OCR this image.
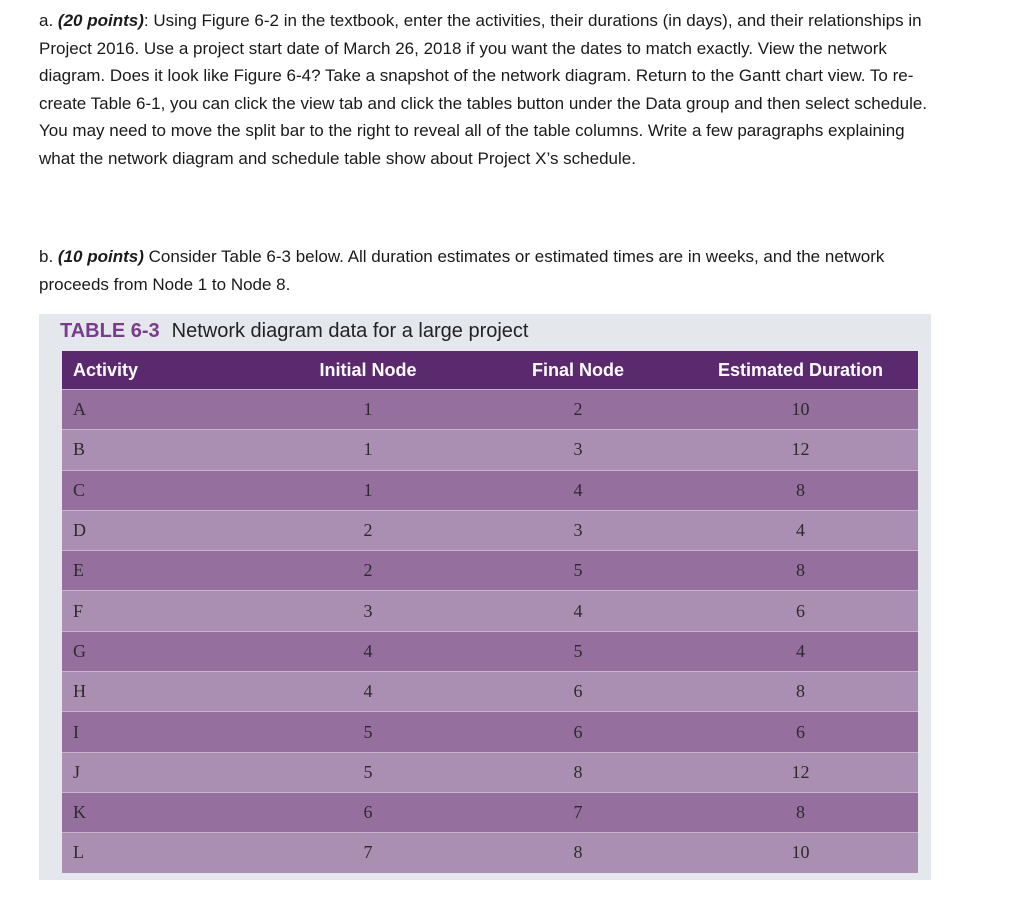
a. (20 points): Using Figure 6-2 in the textbook, enter the activities, their durations (in days), and their relationships in Project 2016. Use a project start date of March 26, 2018 if you want the dates to match exactly. View the network diagram. Does it look like Figure 6-4? Take a snapshot of the network diagram. Return to the Gantt chart view. To re-create Table 6-1, you can click the view tab and click the tables button under the Data group and then select schedule. You may need to move the split bar to the right to reveal all of the table columns. Write a few paragraphs explaining what the network diagram and schedule table show about Project X’s schedule.

b. (10 points) Consider Table 6-3 below. All duration estimates or estimated times are in weeks, and the network proceeds from Node 1 to Node 8.

TABLE 6-3 Network diagram data for a large project
Activity	Initial Node	Final Node	Estimated Duration
A	1	2	10
B	1	3	12
C	1	4	8
D	2	3	4
E	2	5	8
F	3	4	6
G	4	5	4
H	4	6	8
I	5	6	6
J	5	8	12
K	6	7	8
L	7	8	10
